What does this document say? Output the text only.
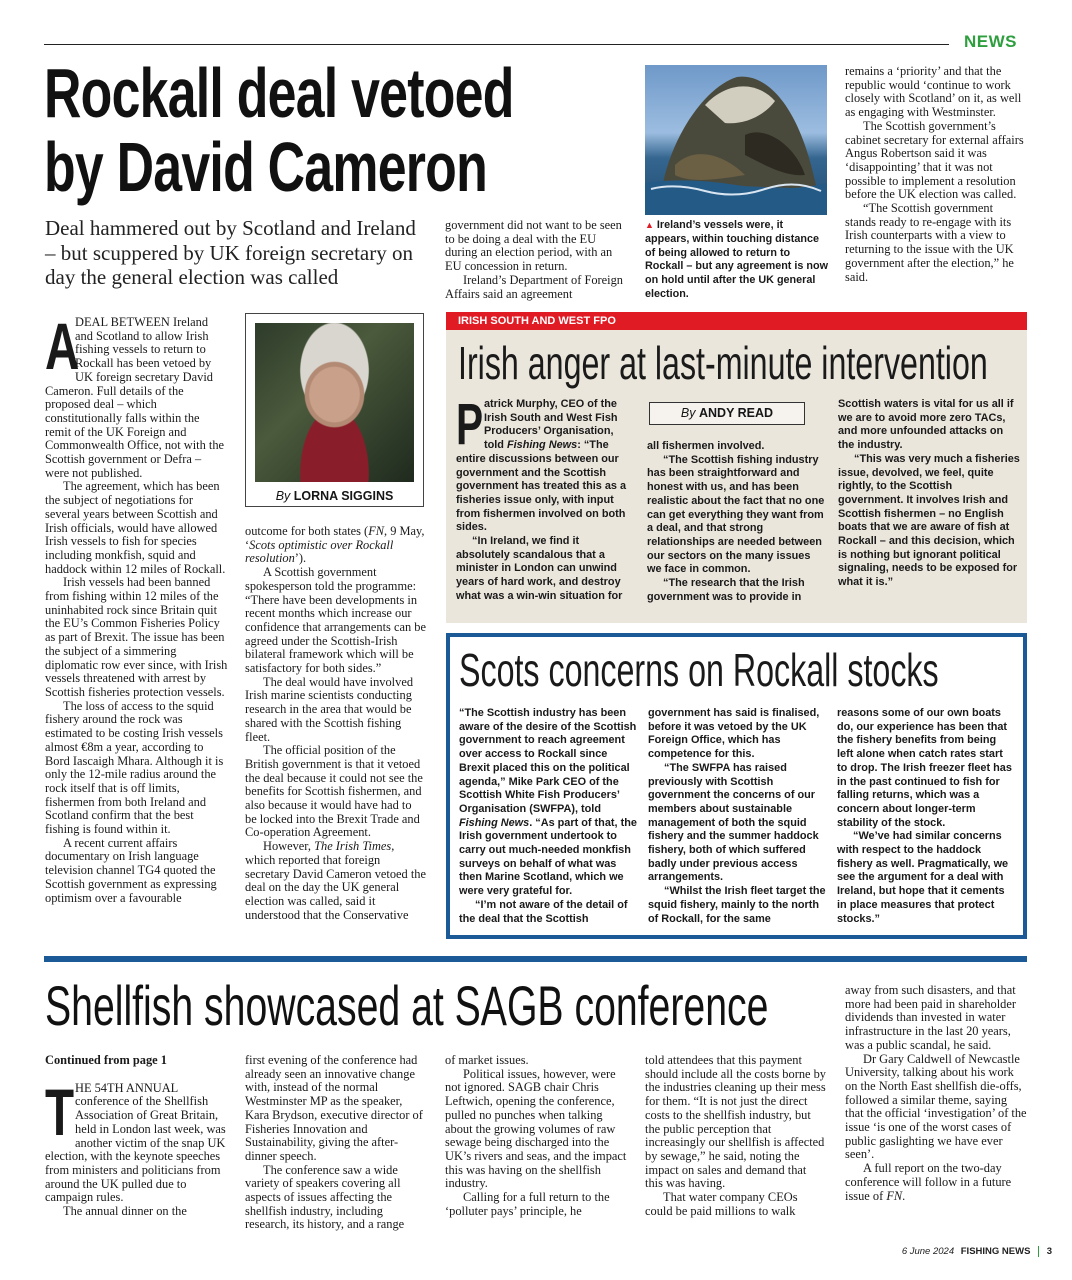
NEWS
Rockall deal vetoed
by David Cameron
Deal hammered out by Scotland and Ireland – but scuppered by UK foreign secretary on day the general election was called

A
DEAL BETWEEN Ireland and Scotland to allow Irish fishing vessels to return to Rockall has been vetoed by UK foreign secretary David Cameron. Full details of the proposed deal – which constitutionally falls within the remit of the UK Foreign and Commonwealth Office, not with the Scottish government or Defra – were not published.

The agreement, which has been the subject of negotiations for several years between Scottish and Irish officials, would have allowed Irish vessels to fish for species including monkfish, squid and haddock within 12 miles of Rockall.

Irish vessels had been banned from fishing within 12 miles of the uninhabited rock since Britain quit the EU’s Common Fisheries Policy as part of Brexit. The issue has been the subject of a simmering diplomatic row ever since, with Irish vessels threatened with arrest by Scottish fisheries protection vessels.

The loss of access to the squid fishery around the rock was estimated to be costing Irish vessels almost €8m a year, according to Bord Iascaigh Mhara. Although it is only the 12-mile radius around the rock itself that is off limits, fishermen from both Ireland and Scotland confirm that the best fishing is found within it.

A recent current affairs documentary on Irish language television channel TG4 quoted the Scottish government as expressing optimism over a favourable

By LORNA SIGGINS

outcome for both states (FN, 9 May, ‘Scots optimistic over Rockall resolution’).

A Scottish government spokesperson told the programme: “There have been developments in recent months which increase our confidence that arrangements can be agreed under the Scottish-Irish bilateral framework which will be satisfactory for both sides.”

The deal would have involved Irish marine scientists conducting research in the area that would be shared with the Scottish fishing fleet.

The official position of the British government is that it vetoed the deal because it could not see the benefits for Scottish fishermen, and also because it would have had to be locked into the Brexit Trade and Co-operation Agreement.

However, The Irish Times, which reported that foreign secretary David Cameron vetoed the deal on the day the UK general election was called, said it understood that the Conservative

government did not want to be seen to be doing a deal with the EU during an election period, with an EU concession in return.

Ireland’s Department of Foreign Affairs said an agreement

▲ Ireland’s vessels were, it appears, within touching distance of being allowed to return to Rockall – but any agreement is now on hold until after the UK general election.

remains a ‘priority’ and that the republic would ‘continue to work closely with Scotland’ on it, as well as engaging with Westminster.

The Scottish government’s cabinet secretary for external affairs Angus Robertson said it was ‘disappointing’ that it was not possible to implement a resolution before the UK election was called.

“The Scottish government stands ready to re-engage with its Irish counterparts with a view to returning to the issue with the UK government after the election,” he said.

IRISH SOUTH AND WEST FPO
Irish anger at last-minute intervention

Patrick Murphy, CEO of the Irish South and West Fish Producers’ Organisation, told Fishing News: “The entire discussions between our government and the Scottish government has treated this as a fisheries issue only, with input from fishermen involved on both sides.

“In Ireland, we find it absolutely scandalous that a minister in London can unwind years of hard work, and destroy what was a win-win situation for

By ANDY READ

all fishermen involved.

“The Scottish fishing industry has been straightforward and honest with us, and has been realistic about the fact that no one can get everything they want from a deal, and that strong relationships are needed between our sectors on the many issues we face in common.

“The research that the Irish government was to provide in

Scottish waters is vital for us all if we are to avoid more zero TACs, and more unfounded attacks on the industry.

“This was very much a fisheries issue, devolved, we feel, quite rightly, to the Scottish government. It involves Irish and Scottish fishermen – no English boats that we are aware of fish at Rockall – and this decision, which is nothing but ignorant political signaling, needs to be exposed for what it is.”

Scots concerns on Rockall stocks

“The Scottish industry has been aware of the desire of the Scottish government to reach agreement over access to Rockall since Brexit placed this on the political agenda,” Mike Park CEO of the Scottish White Fish Producers’ Organisation (SWFPA), told Fishing News. “As part of that, the Irish government undertook to carry out much-needed monkfish surveys on behalf of what was then Marine Scotland, which we were very grateful for.

“I’m not aware of the detail of the deal that the Scottish

government has said is finalised, before it was vetoed by the UK Foreign Office, which has competence for this.

“The SWFPA has raised previously with Scottish government the concerns of our members about sustainable management of both the squid fishery and the summer haddock fishery, both of which suffered badly under previous access arrangements.

“Whilst the Irish fleet target the squid fishery, mainly to the north of Rockall, for the same

reasons some of our own boats do, our experience has been that the fishery benefits from being left alone when catch rates start to drop. The Irish freezer fleet has in the past continued to fish for falling returns, which was a concern about longer-term stability of the stock.

“We’ve had similar concerns with respect to the haddock fishery as well. Pragmatically, we see the argument for a deal with Ireland, but hope that it cements in place measures that protect stocks.”

Shellfish showcased at SAGB conference

Continued from page 1

THE 54TH ANNUAL conference of the Shellfish Association of Great Britain, held in London last week, was another victim of the snap UK election, with the keynote speeches from ministers and politicians from around the UK pulled due to campaign rules.

The annual dinner on the

first evening of the conference had already seen an innovative change with, instead of the normal Westminster MP as the speaker, Kara Brydson, executive director of Fisheries Innovation and Sustainability, giving the after-dinner speech.

The conference saw a wide variety of speakers covering all aspects of issues affecting the shellfish industry, including research, its history, and a range

of market issues.

Political issues, however, were not ignored. SAGB chair Chris Leftwich, opening the conference, pulled no punches when talking about the growing volumes of raw sewage being discharged into the UK’s rivers and seas, and the impact this was having on the shellfish industry.

Calling for a full return to the ‘polluter pays’ principle, he

told attendees that this payment should include all the costs borne by the industries cleaning up their mess for them. “It is not just the direct costs to the shellfish industry, but the public perception that increasingly our shellfish is affected by sewage,” he said, noting the impact on sales and demand that this was having.

That water company CEOs could be paid millions to walk

away from such disasters, and that more had been paid in shareholder dividends than invested in water infrastructure in the last 20 years, was a public scandal, he said.

Dr Gary Caldwell of Newcastle University, talking about his work on the North East shellfish die-offs, followed a similar theme, saying that the official ‘investigation’ of the issue ‘is one of the worst cases of public gaslighting we have ever seen’.

A full report on the two-day conference will follow in a future issue of FN.

6 June 2024 FISHING NEWS 3
